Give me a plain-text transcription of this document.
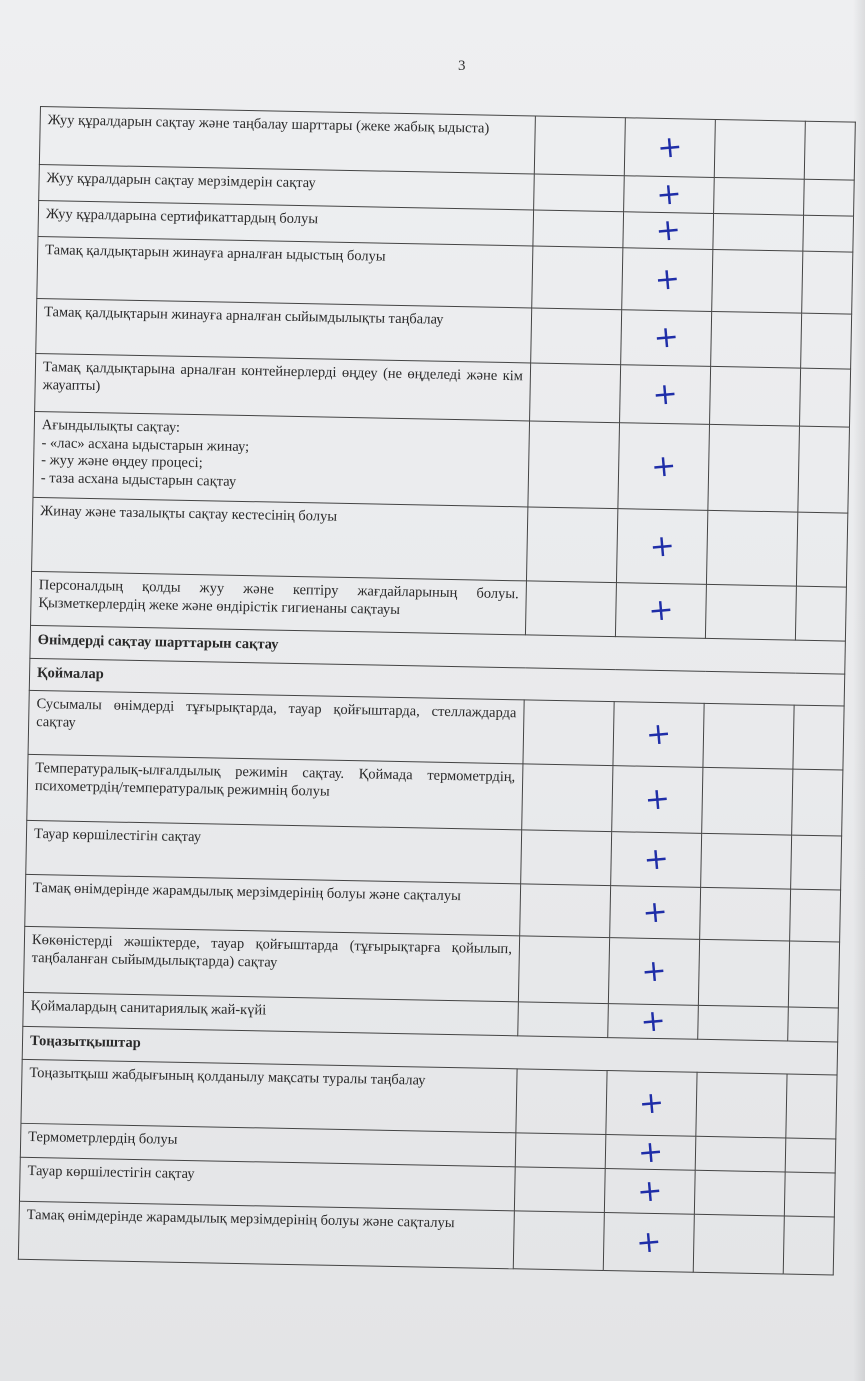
3
Жуу құралдарын сақтау және таңбалау шарттары (жеке жабық ыдыста)		+		
Жуу құралдарын сақтау мерзімдерін сақтау		+		
Жуу құралдарына сертификаттардың болуы		+		
Тамақ қалдықтарын жинауға арналған ыдыстың болуы		+		
Тамақ қалдықтарын жинауға арналған сыйымдылықты таңбалау		+		
Тамақ қалдықтарына арналған контейнерлерді өңдеу (не өңделеді және кім жауапты)		+		

Ағындылықты сақтау:
- «лас» асхана ыдыстарын жинау;
- жуу және өңдеу процесі;
- таза асхана ыдыстарын сақтау		+		
Жинау және тазалықты сақтау кестесінің болуы		+		
Персоналдың қолды жуу және кептіру жағдайларының болуы. Қызметкерлердің жеке және өндірістік гигиенаны сақтауы		+		
Өнімдерді сақтау шарттарын сақтау				
Қоймалар				
Сусымалы өнімдерді тұғырықтарда, тауар қойғыштарда, стеллаждарда сақтау		+		
Температуралық-ылғалдылық режимін сақтау. Қоймада термометрдің, психометрдің/температуралық режимнің болуы		+		
Тауар көршілестігін сақтау		+		
Тамақ өнімдерінде жарамдылық мерзімдерінің болуы және сақталуы		+		
Көкөністерді жәшіктерде, тауар қойғыштарда (тұғырықтарға қойылып, таңбаланған сыйымдылықтарда) сақтау		+		
Қоймалардың санитариялық жай-күйі		+		
Тоңазытқыштар				
Тоңазытқыш жабдығының қолданылу мақсаты туралы таңбалау		+		
Термометрлердің болуы		+		
Тауар көршілестігін сақтау		+		
Тамақ өнімдерінде жарамдылық мерзімдерінің болуы және сақталуы		+		
